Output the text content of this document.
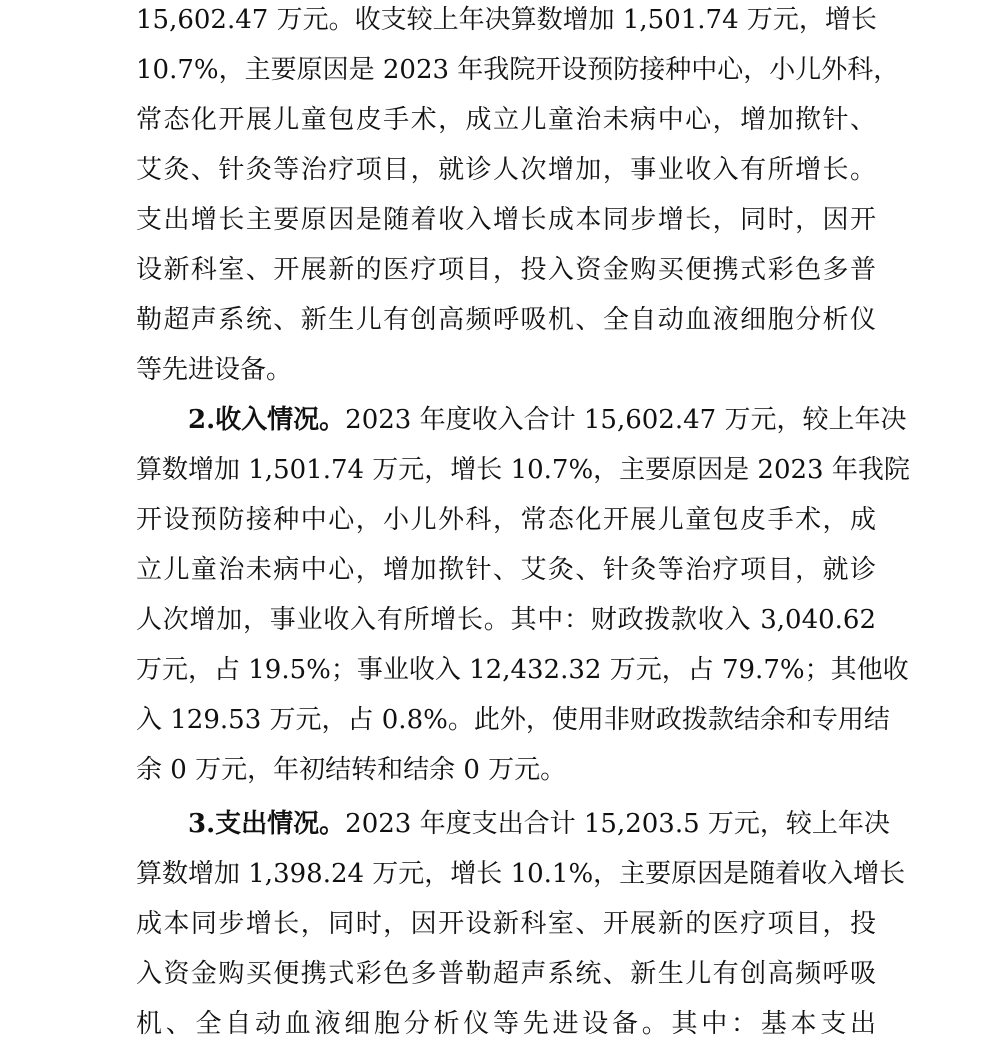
15,602.47 万元。收支较上年决算数增加 1,501.74 万元，增长
10.7%，主要原因是 2023 年我院开设预防接种中心，小儿外科，
常态化开展儿童包皮手术，成立儿童治未病中心，增加揿针、
艾灸、针灸等治疗项目，就诊人次增加，事业收入有所增长。
支出增长主要原因是随着收入增长成本同步增长，同时，因开
设新科室、开展新的医疗项目，投入资金购买便携式彩色多普
勒超声系统、新生儿有创高频呼吸机、全自动血液细胞分析仪
等先进设备。
2.收入情况。2023 年度收入合计 15,602.47 万元，较上年决
算数增加 1,501.74 万元，增长 10.7%，主要原因是 2023 年我院
开设预防接种中心，小儿外科，常态化开展儿童包皮手术，成
立儿童治未病中心，增加揿针、艾灸、针灸等治疗项目，就诊
人次增加，事业收入有所增长。其中：财政拨款收入 3,040.62
万元，占 19.5%；事业收入 12,432.32 万元，占 79.7%；其他收
入 129.53 万元，占 0.8%。此外，使用非财政拨款结余和专用结
余 0 万元，年初结转和结余 0 万元。
3.支出情况。2023 年度支出合计 15,203.5 万元，较上年决
算数增加 1,398.24 万元，增长 10.1%，主要原因是随着收入增长
成本同步增长，同时，因开设新科室、开展新的医疗项目，投
入资金购买便携式彩色多普勒超声系统、新生儿有创高频呼吸
机、全自动血液细胞分析仪等先进设备。其中：基本支出
